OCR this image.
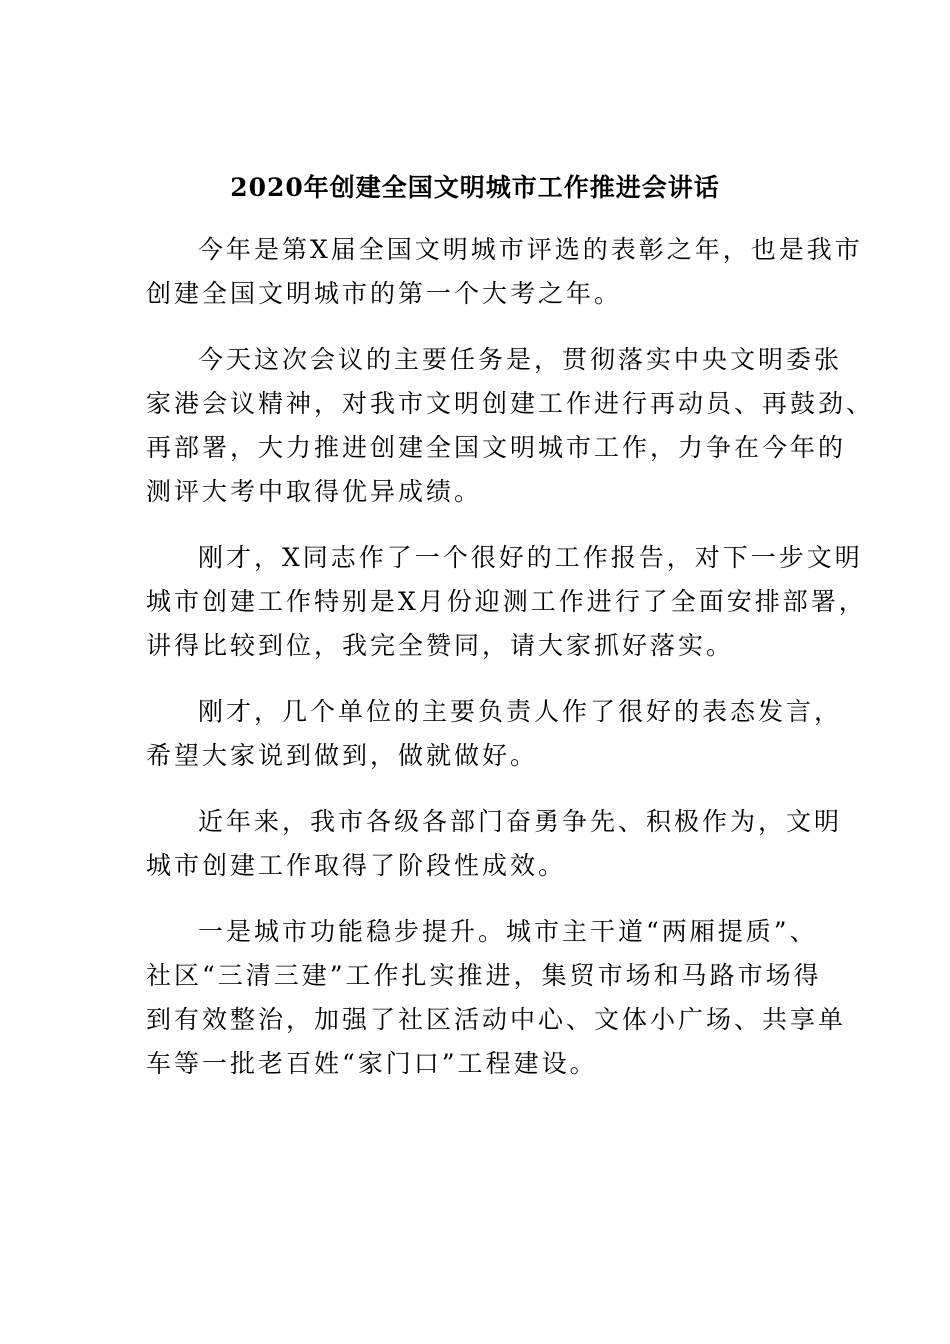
2020年创建全国文明城市工作推进会讲话

今年是第X届全国文明城市评选的表彰之年，也是我市
创建全国文明城市的第一个大考之年。

今天这次会议的主要任务是，贯彻落实中央文明委张
家港会议精神，对我市文明创建工作进行再动员、再鼓劲、
再部署，大力推进创建全国文明城市工作，力争在今年的
测评大考中取得优异成绩。

刚才，X同志作了一个很好的工作报告，对下一步文明
城市创建工作特别是X月份迎测工作进行了全面安排部署，
讲得比较到位，我完全赞同，请大家抓好落实。

刚才，几个单位的主要负责人作了很好的表态发言，
希望大家说到做到，做就做好。

近年来，我市各级各部门奋勇争先、积极作为，文明
城市创建工作取得了阶段性成效。

一是城市功能稳步提升。城市主干道“两厢提质”、
社区“三清三建”工作扎实推进，集贸市场和马路市场得
到有效整治，加强了社区活动中心、文体小广场、共享单
车等一批老百姓“家门口”工程建设。
